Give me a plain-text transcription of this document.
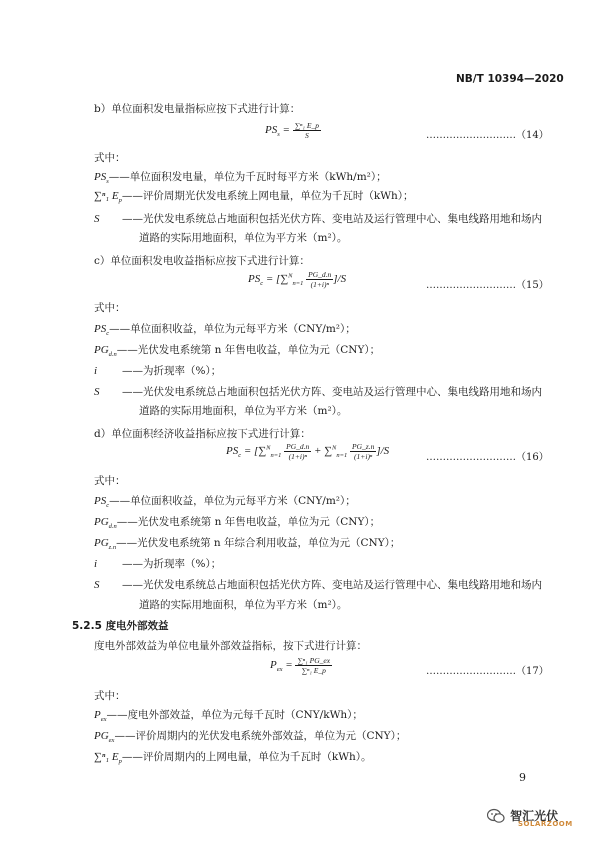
NB/T 10394—2020
b）单位面积发电量指标应按下式进行计算：
$PS_s = \frac{\text{∑ⁿ₁ E\_p}}{S}$	………………………（14）
式中：
$PS_s——$单位面积发电量，单位为千瓦时每平方米（kWh/m²）；
∑ⁿ₁ $E_p——$评价周期光伏发电系统上网电量，单位为千瓦时（kWh）；
S ——光伏发电系统总占地面积包括光伏方阵、变电站及运行管理中心、集电线路用地和场内
道路的实际用地面积，单位为平方米（m²）。
c）单位面积发电收益指标应按下式进行计算：
$PS_c = [\sum^N_{n=1} \frac{PG\_d.n}{\text{(1+i)ⁿ}} ]/S$
………………………（15）
式中：
$PS_c——$单位面积收益，单位为元每平方米（CNY/m²）；
$PG_{d.n}——$光伏发电系统第 n 年售电收益，单位为元（CNY）；
i ——为折现率（%）；
S ——光伏发电系统总占地面积包括光伏方阵、变电站及运行管理中心、集电线路用地和场内
道路的实际用地面积，单位为平方米（m²）。
d）单位面积经济收益指标应按下式进行计算：
$PS_c = [\sum^N_{n=1} \frac{PG\_d.n}{\text{(1+i)ⁿ}} + \sum^N_{n=1} \frac{PG\_z.n}{\text{(1+i)ⁿ}} ]/S$
………………………（16）
式中：
$PS_c——$单位面积收益，单位为元每平方米（CNY/m²）；
$PG_{d.n}——$光伏发电系统第 n 年售电收益，单位为元（CNY）；
$PG_{z.n}——$光伏发电系统第 n 年综合利用收益，单位为元（CNY）；
i ——为折现率（%）；
S ——光伏发电系统总占地面积包括光伏方阵、变电站及运行管理中心、集电线路用地和场内
道路的实际用地面积，单位为平方米（m²）。
5.2.5 度电外部效益
度电外部效益为单位电量外部效益指标，按下式进行计算：
$P_{ex} = \frac{\text{∑ⁿ₁ PG\_ex}}{\text{∑ⁿ₁ E\_p}}$	………………………（17）
式中：
$P_{ex}——$度电外部效益，单位为元每千瓦时（CNY/kWh）；
$PG_{ex}——$评价周期内的光伏发电系统外部效益，单位为元（CNY）；
∑ⁿ₁ $E_p——$评价周期内的上网电量，单位为千瓦时（kWh）。
9
智汇光伏
SOLARZOOM
